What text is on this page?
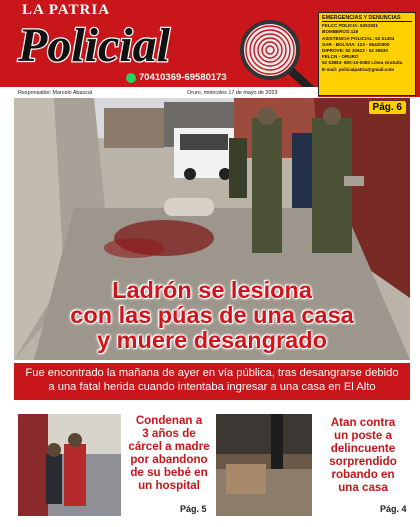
LA PATRIA
Policial
70410369-69580173
EMERGENCIAS Y DENUNCIAS
FELCC POLICIA: 5251921
BOMBEROS:119
ASISTENCIA POLICIAL: 52 51404
SAR - BOLIVIA: 123 - 65420000
DIPROVE: 52 30623 - 52 30630
FELCN - ORURO
52 53893- 800-10-0080 Línea Gratuita
E-mail: policialpatria@gmail.com
Responsable: Marcelo Abascal	Oruro, miércoles 17 de mayo de 2023
Pág. 6
Ladrón se lesiona
con las púas de una casa
y muere desangrado
Fue encontrado la mañana de ayer en vía pública, tras desangrarse debido
a una fatal herida cuando intentaba ingresar a una casa en El Alto
Condenan a
3 años de
cárcel a madre
por abandono
de su bebé en
un hospital
Pág. 5
Atan contra
un poste a
delincuente
sorprendido
robando en
una casa
Pág. 4
